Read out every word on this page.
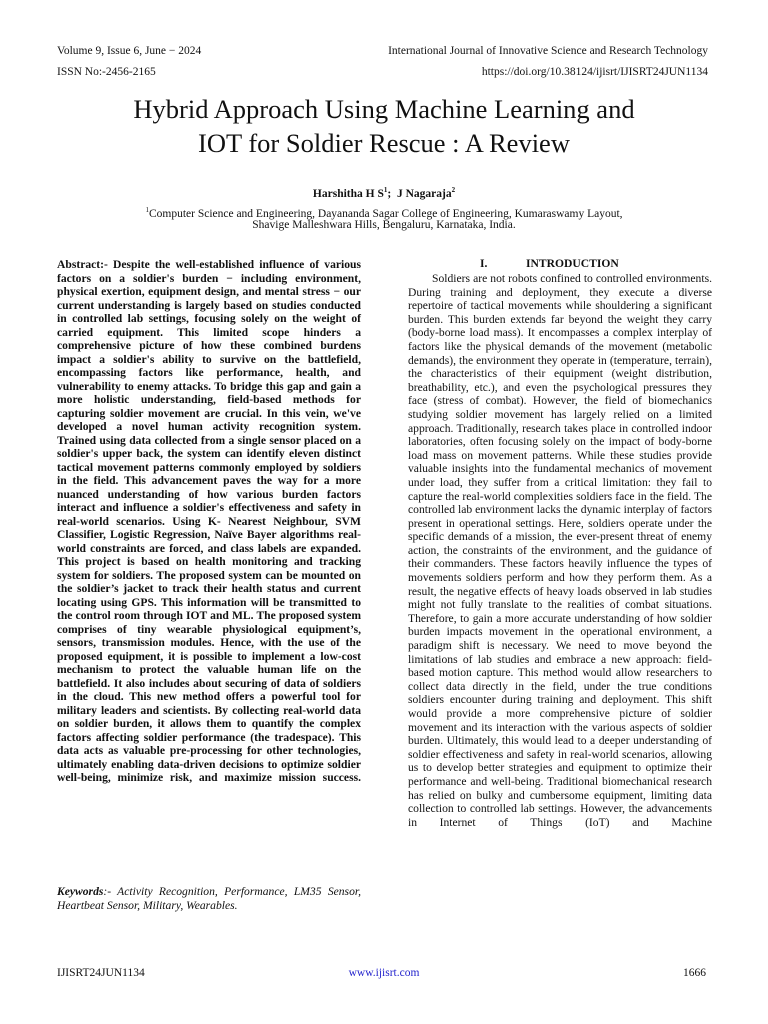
Volume 9, Issue 6, June − 2024	International Journal of Innovative Science and Research Technology
ISSN No:-2456-2165	https://doi.org/10.38124/ijisrt/IJISRT24JUN1134
Hybrid Approach Using Machine Learning and
IOT for Soldier Rescue : A Review
Harshitha H $S^1$;  J Nagaraja$^2$
$^1$Computer Science and Engineering, Dayananda Sagar College of Engineering, Kumaraswamy Layout,
Shavige Malleshwara Hills, Bengaluru, Karnataka, India.

Abstract:- Despite the well-established influence of various factors on a soldier's burden − including environment, physical exertion, equipment design, and mental stress − our current understanding is largely based on studies conducted in controlled lab settings, focusing solely on the weight of carried equipment. This limited scope hinders a comprehensive picture of how these combined burdens impact a soldier's ability to survive on the battlefield, encompassing factors like performance, health, and vulnerability to enemy attacks. To bridge this gap and gain a more holistic understanding, field-based methods for capturing soldier movement are crucial. In this vein, we've developed a novel human activity recognition system. Trained using data collected from a single sensor placed on a soldier's upper back, the system can identify eleven distinct tactical movement patterns commonly employed by soldiers in the field. This advancement paves the way for a more nuanced understanding of how various burden factors interact and influence a soldier's effectiveness and safety in real-world scenarios. Using K- Nearest Neighbour, SVM Classifier, Logistic Regression, Naïve Bayer algorithms real-world constraints are forced, and class labels are expanded. This project is based on health monitoring and tracking system for soldiers. The proposed system can be mounted on the soldier’s jacket to track their health status and current locating using GPS. This information will be transmitted to the control room through IOT and ML. The proposed system comprises of tiny wearable physiological equipment’s, sensors, transmission modules. Hence, with the use of the proposed equipment, it is possible to implement a low-cost mechanism to protect the valuable human life on the battlefield. It also includes about securing of data of soldiers in the cloud. This new method offers a powerful tool for military leaders and scientists. By collecting real-world data on soldier burden, it allows them to quantify the complex factors affecting soldier performance (the tradespace). This data acts as valuable pre-processing for other technologies, ultimately enabling data-driven decisions to optimize soldier well-being, minimize risk, and maximize mission success.

Keywords:- Activity Recognition, Performance, LM35 Sensor, Heartbeat Sensor, Military, Wearables.

I.	INTRODUCTION

Soldiers are not robots confined to controlled environments. During training and deployment, they execute a diverse repertoire of tactical movements while shouldering a significant burden. This burden extends far beyond the weight they carry (body-borne load mass). It encompasses a complex interplay of factors like the physical demands of the movement (metabolic demands), the environment they operate in (temperature, terrain), the characteristics of their equipment (weight distribution, breathability, etc.), and even the psychological pressures they face (stress of combat). However, the field of biomechanics studying soldier movement has largely relied on a limited approach. Traditionally, research takes place in controlled indoor laboratories, often focusing solely on the impact of body-borne load mass on movement patterns. While these studies provide valuable insights into the fundamental mechanics of movement under load, they suffer from a critical limitation: they fail to capture the real-world complexities soldiers face in the field. The controlled lab environment lacks the dynamic interplay of factors present in operational settings. Here, soldiers operate under the specific demands of a mission, the ever-present threat of enemy action, the constraints of the environment, and the guidance of their commanders. These factors heavily influence the types of movements soldiers perform and how they perform them. As a result, the negative effects of heavy loads observed in lab studies might not fully translate to the realities of combat situations. Therefore, to gain a more accurate understanding of how soldier burden impacts movement in the operational environment, a paradigm shift is necessary. We need to move beyond the limitations of lab studies and embrace a new approach: field-based motion capture. This method would allow researchers to collect data directly in the field, under the true conditions soldiers encounter during training and deployment. This shift would provide a more comprehensive picture of soldier movement and its interaction with the various aspects of soldier burden. Ultimately, this would lead to a deeper understanding of soldier effectiveness and safety in real-world scenarios, allowing us to develop better strategies and equipment to optimize their performance and well-being. Traditional biomechanical research has relied on bulky and cumbersome equipment, limiting data collection to controlled lab settings. However, the advancements in Internet of Things (IoT) and Machine

IJISRT24JUN1134	www.ijisrt.com	1666
